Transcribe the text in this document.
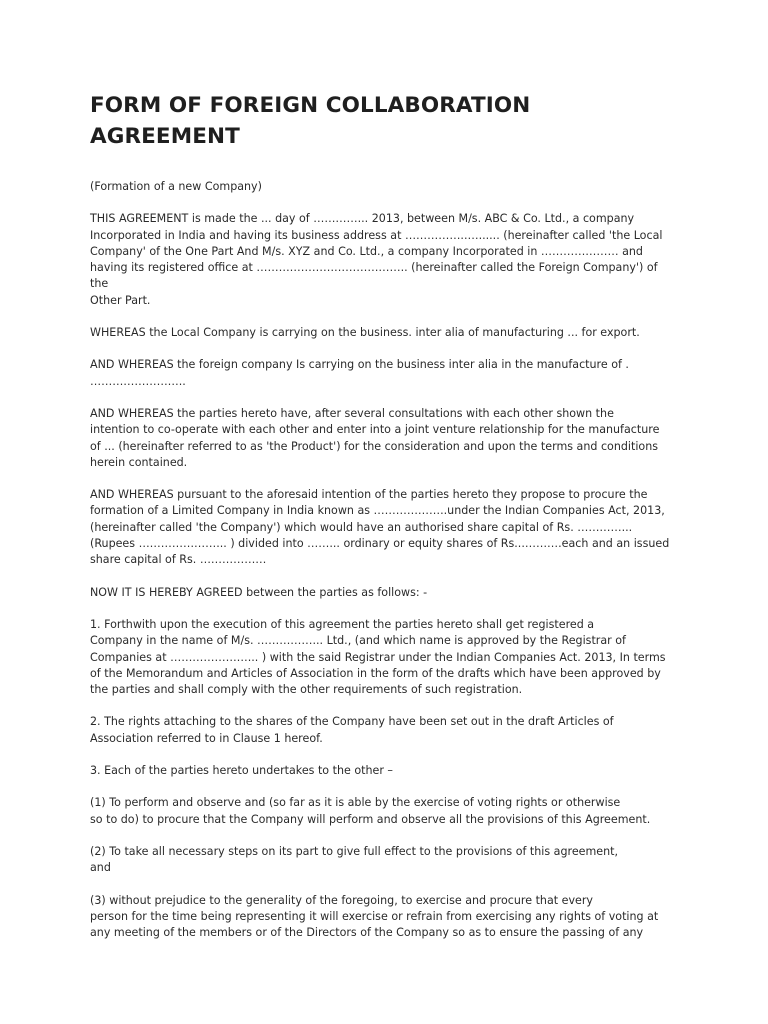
FORM OF FOREIGN COLLABORATION
AGREEMENT

(Formation of a new Company)

THIS AGREEMENT is made the ... day of …………... 2013, between M/s. ABC & Co. Ltd., a company
Incorporated in India and having its business address at ……………..…...... (hereinafter called 'the Local
Company' of the One Part And M/s. XYZ and Co. Ltd., a company Incorporated in ………………… and
having its registered office at ………………………………….. (hereinafter called the Foreign Company') of the
Other Part.

WHEREAS the Local Company is carrying on the business. inter alia of manufacturing ... for export.

AND WHEREAS the foreign company Is carrying on the business inter alia in the manufacture of .
……………………..

AND WHEREAS the parties hereto have, after several consultations with each other shown the
intention to co-operate with each other and enter into a joint venture relationship for the manufacture
of ... (hereinafter referred to as 'the Product') for the consideration and upon the terms and conditions
herein contained.

AND WHEREAS pursuant to the aforesaid intention of the parties hereto they propose to procure the
formation of a Limited Company in India known as ………………..under the Indian Companies Act, 2013,
(hereinafter called 'the Company') which would have an authorised share capital of Rs. …………...
(Rupees …………………... ) divided into ……... ordinary or equity shares of Rs...……….each and an issued
share capital of Rs. ………………

NOW IT IS HEREBY AGREED between the parties as follows: -

1. Forthwith upon the execution of this agreement the parties hereto shall get registered a
Company in the name of M/s. ……………... Ltd., (and which name is approved by the Registrar of
Companies at …………………... ) with the said Registrar under the Indian Companies Act. 2013, In terms
of the Memorandum and Articles of Association in the form of the drafts which have been approved by
the parties and shall comply with the other requirements of such registration.

2. The rights attaching to the shares of the Company have been set out in the draft Articles of
Association referred to in Clause 1 hereof.

3. Each of the parties hereto undertakes to the other –

(1) To perform and observe and (so far as it is able by the exercise of voting rights or otherwise
so to do) to procure that the Company will perform and observe all the provisions of this Agreement.

(2) To take all necessary steps on its part to give full effect to the provisions of this agreement,
and

(3) without prejudice to the generality of the foregoing, to exercise and procure that every
person for the time being representing it will exercise or refrain from exercising any rights of voting at
any meeting of the members or of the Directors of the Company so as to ensure the passing of any
